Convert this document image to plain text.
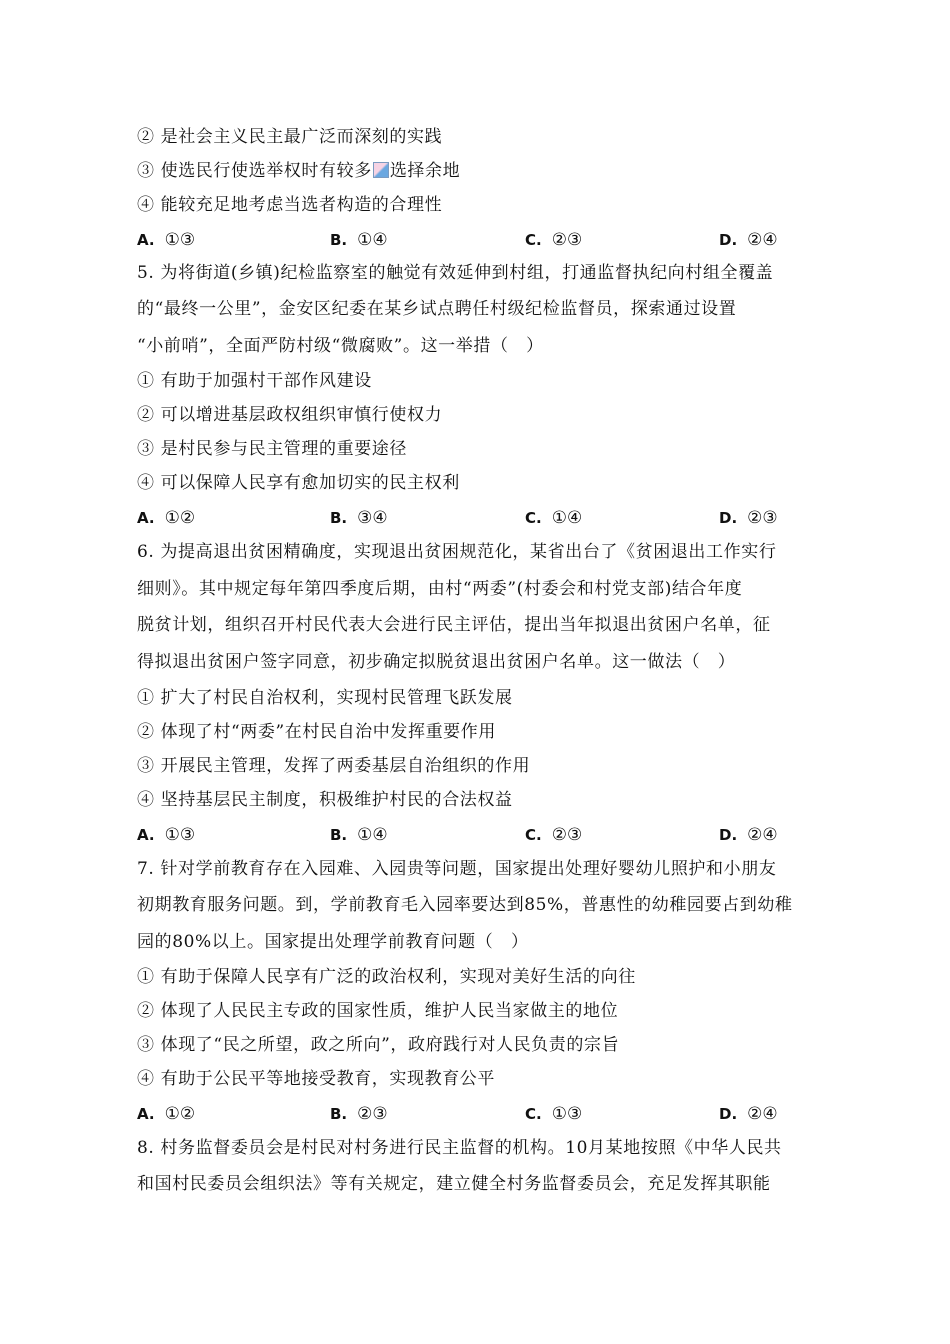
② 是社会主义民主最广泛而深刻的实践
③ 使选民行使选举权时有较多 选择余地
④ 能较充足地考虑当选者构造的合理性
A. ①③	B. ①④	C. ②③	D. ②④
5. 为将街道(乡镇)纪检监察室的触觉有效延伸到村组，打通监督执纪向村组全覆盖
的“最终一公里”，金安区纪委在某乡试点聘任村级纪检监督员，探索通过设置
“小前哨”，全面严防村级“微腐败”。这一举措（　）
① 有助于加强村干部作风建设
② 可以增进基层政权组织审慎行使权力
③ 是村民参与民主管理的重要途径
④ 可以保障人民享有愈加切实的民主权利
A. ①②	B. ③④	C. ①④	D. ②③
6. 为提高退出贫困精确度，实现退出贫困规范化，某省出台了《贫困退出工作实行
细则》。其中规定每年第四季度后期，由村“两委”(村委会和村党支部)结合年度
脱贫计划，组织召开村民代表大会进行民主评估，提出当年拟退出贫困户名单，征
得拟退出贫困户签字同意，初步确定拟脱贫退出贫困户名单。这一做法（　）
① 扩大了村民自治权利，实现村民管理飞跃发展
② 体现了村“两委”在村民自治中发挥重要作用
③ 开展民主管理，发挥了两委基层自治组织的作用
④ 坚持基层民主制度，积极维护村民的合法权益
A. ①③	B. ①④	C. ②③	D. ②④
7. 针对学前教育存在入园难、入园贵等问题，国家提出处理好婴幼儿照护和小朋友
初期教育服务问题。到，学前教育毛入园率要达到85%，普惠性的幼稚园要占到幼稚
园的80%以上。国家提出处理学前教育问题（　）
① 有助于保障人民享有广泛的政治权利，实现对美好生活的向往
② 体现了人民民主专政的国家性质，维护人民当家做主的地位
③ 体现了“民之所望，政之所向”，政府践行对人民负责的宗旨
④ 有助于公民平等地接受教育，实现教育公平
A. ①②	B. ②③	C. ①③	D. ②④
8. 村务监督委员会是村民对村务进行民主监督的机构。10月某地按照《中华人民共
和国村民委员会组织法》等有关规定，建立健全村务监督委员会，充足发挥其职能
